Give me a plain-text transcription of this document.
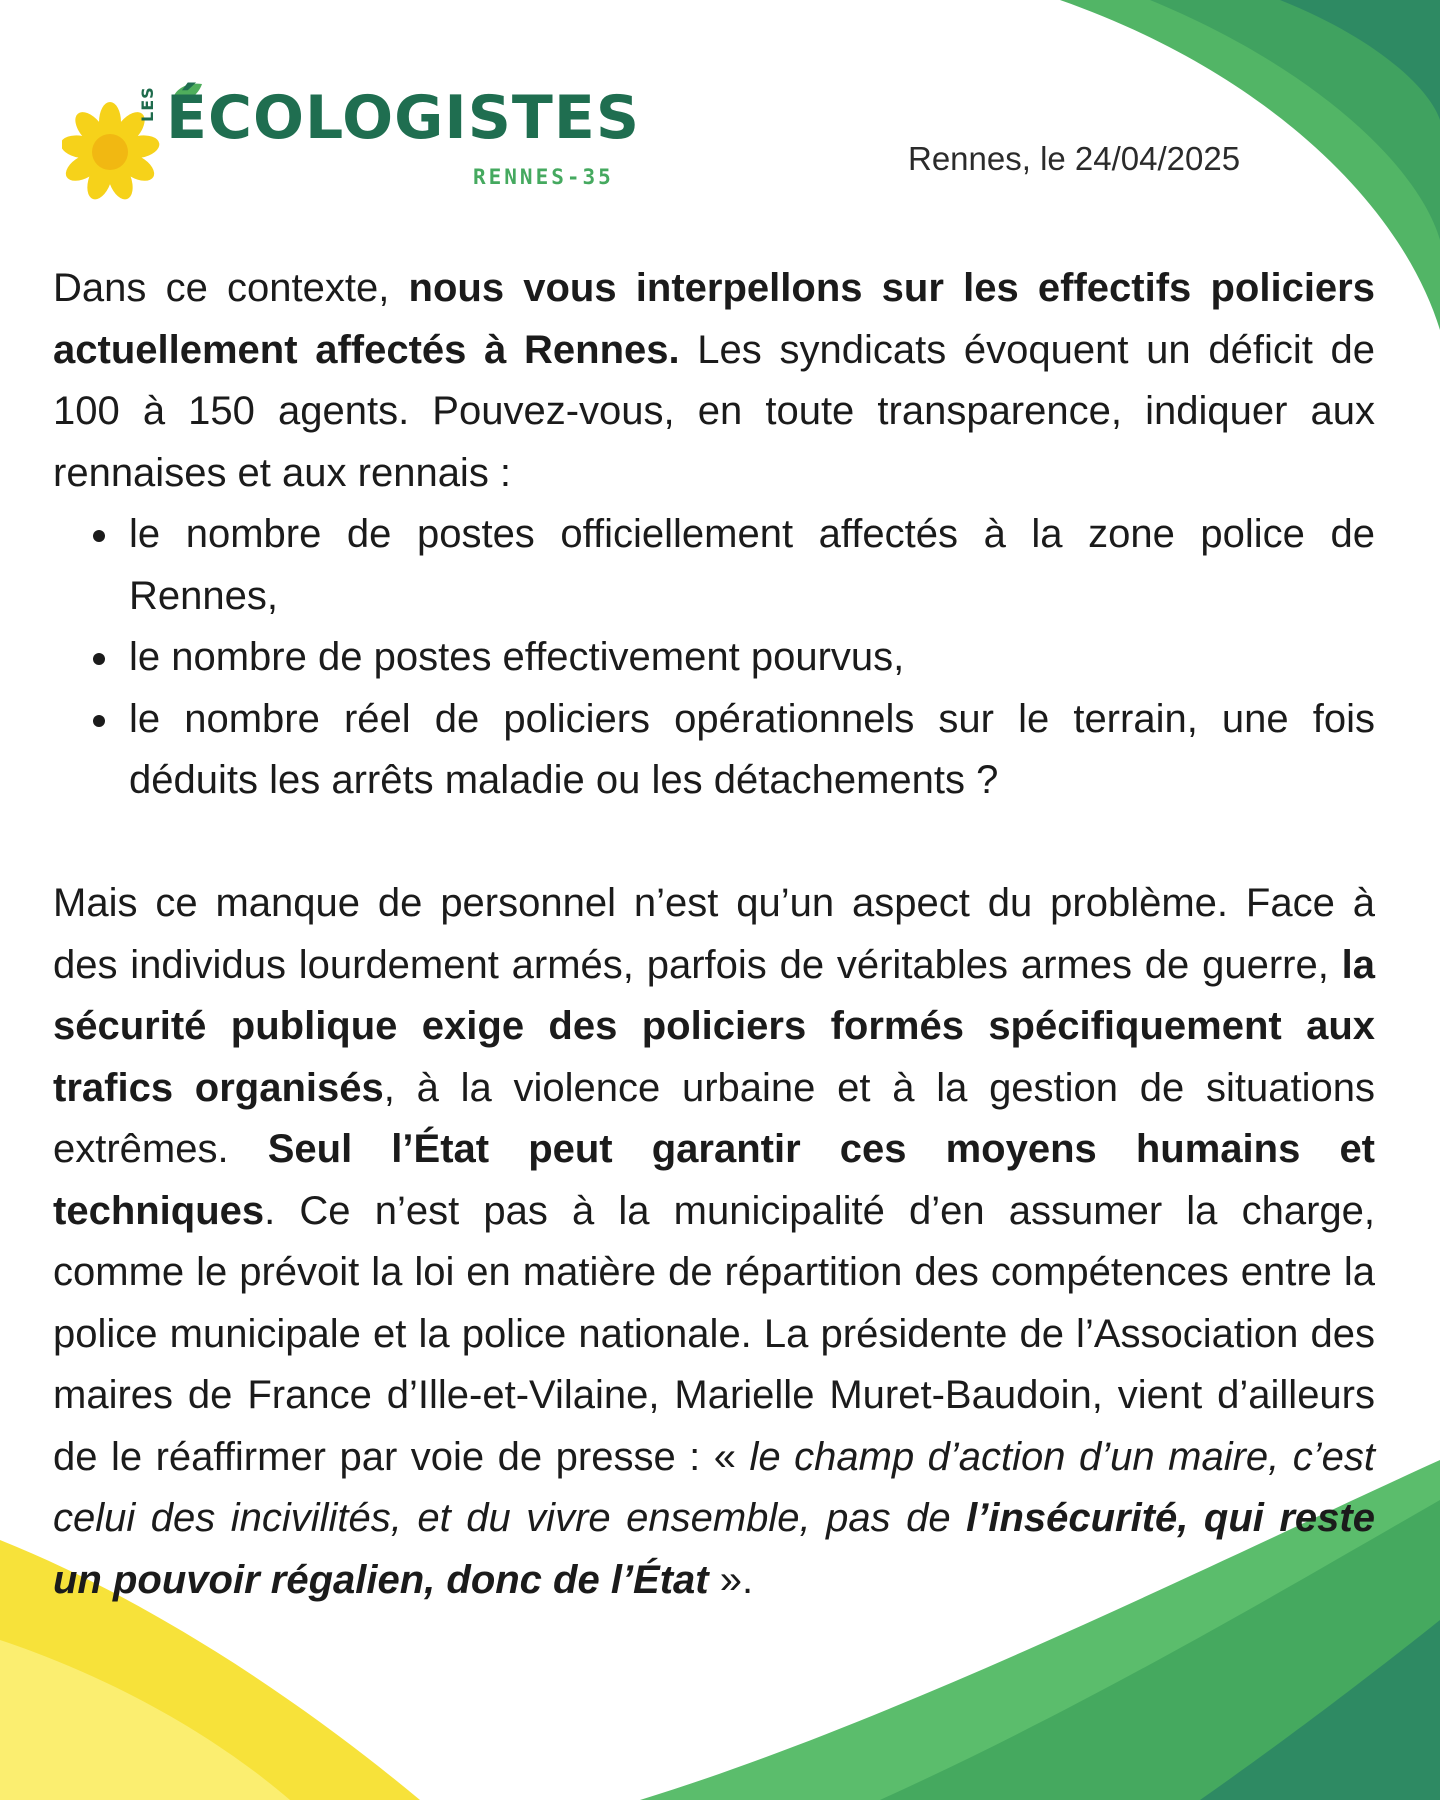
LES ÉCOLOGISTES
RENNES-35	Rennes, le 24/04/2025

Dans ce contexte, nous vous interpellons sur les effectifs policiers actuellement affectés à Rennes. Les syndicats évoquent un déficit de 100 à 150 agents. Pouvez-vous, en toute transparence, indiquer aux rennaises et aux rennais :

le nombre de postes officiellement affectés à la zone police de Rennes,
le nombre de postes effectivement pourvus,
le nombre réel de policiers opérationnels sur le terrain, une fois déduits les arrêts maladie ou les détachements ?

Mais ce manque de personnel n’est qu’un aspect du problème. Face à des individus lourdement armés, parfois de véritables armes de guerre, la sécurité publique exige des policiers formés spécifiquement aux trafics organisés, à la violence urbaine et à la gestion de situations extrêmes. Seul l’État peut garantir ces moyens humains et techniques. Ce n’est pas à la municipalité d’en assumer la charge, comme le prévoit la loi en matière de répartition des compétences entre la police municipale et la police nationale. La présidente de l’Association des maires de France d’Ille-et-Vilaine, Marielle Muret-Baudoin, vient d’ailleurs de le réaffirmer par voie de presse : « le champ d’action d’un maire, c’est celui des incivilités, et du vivre ensemble, pas de l’insécurité, qui reste un pouvoir régalien, donc de l’État ».
